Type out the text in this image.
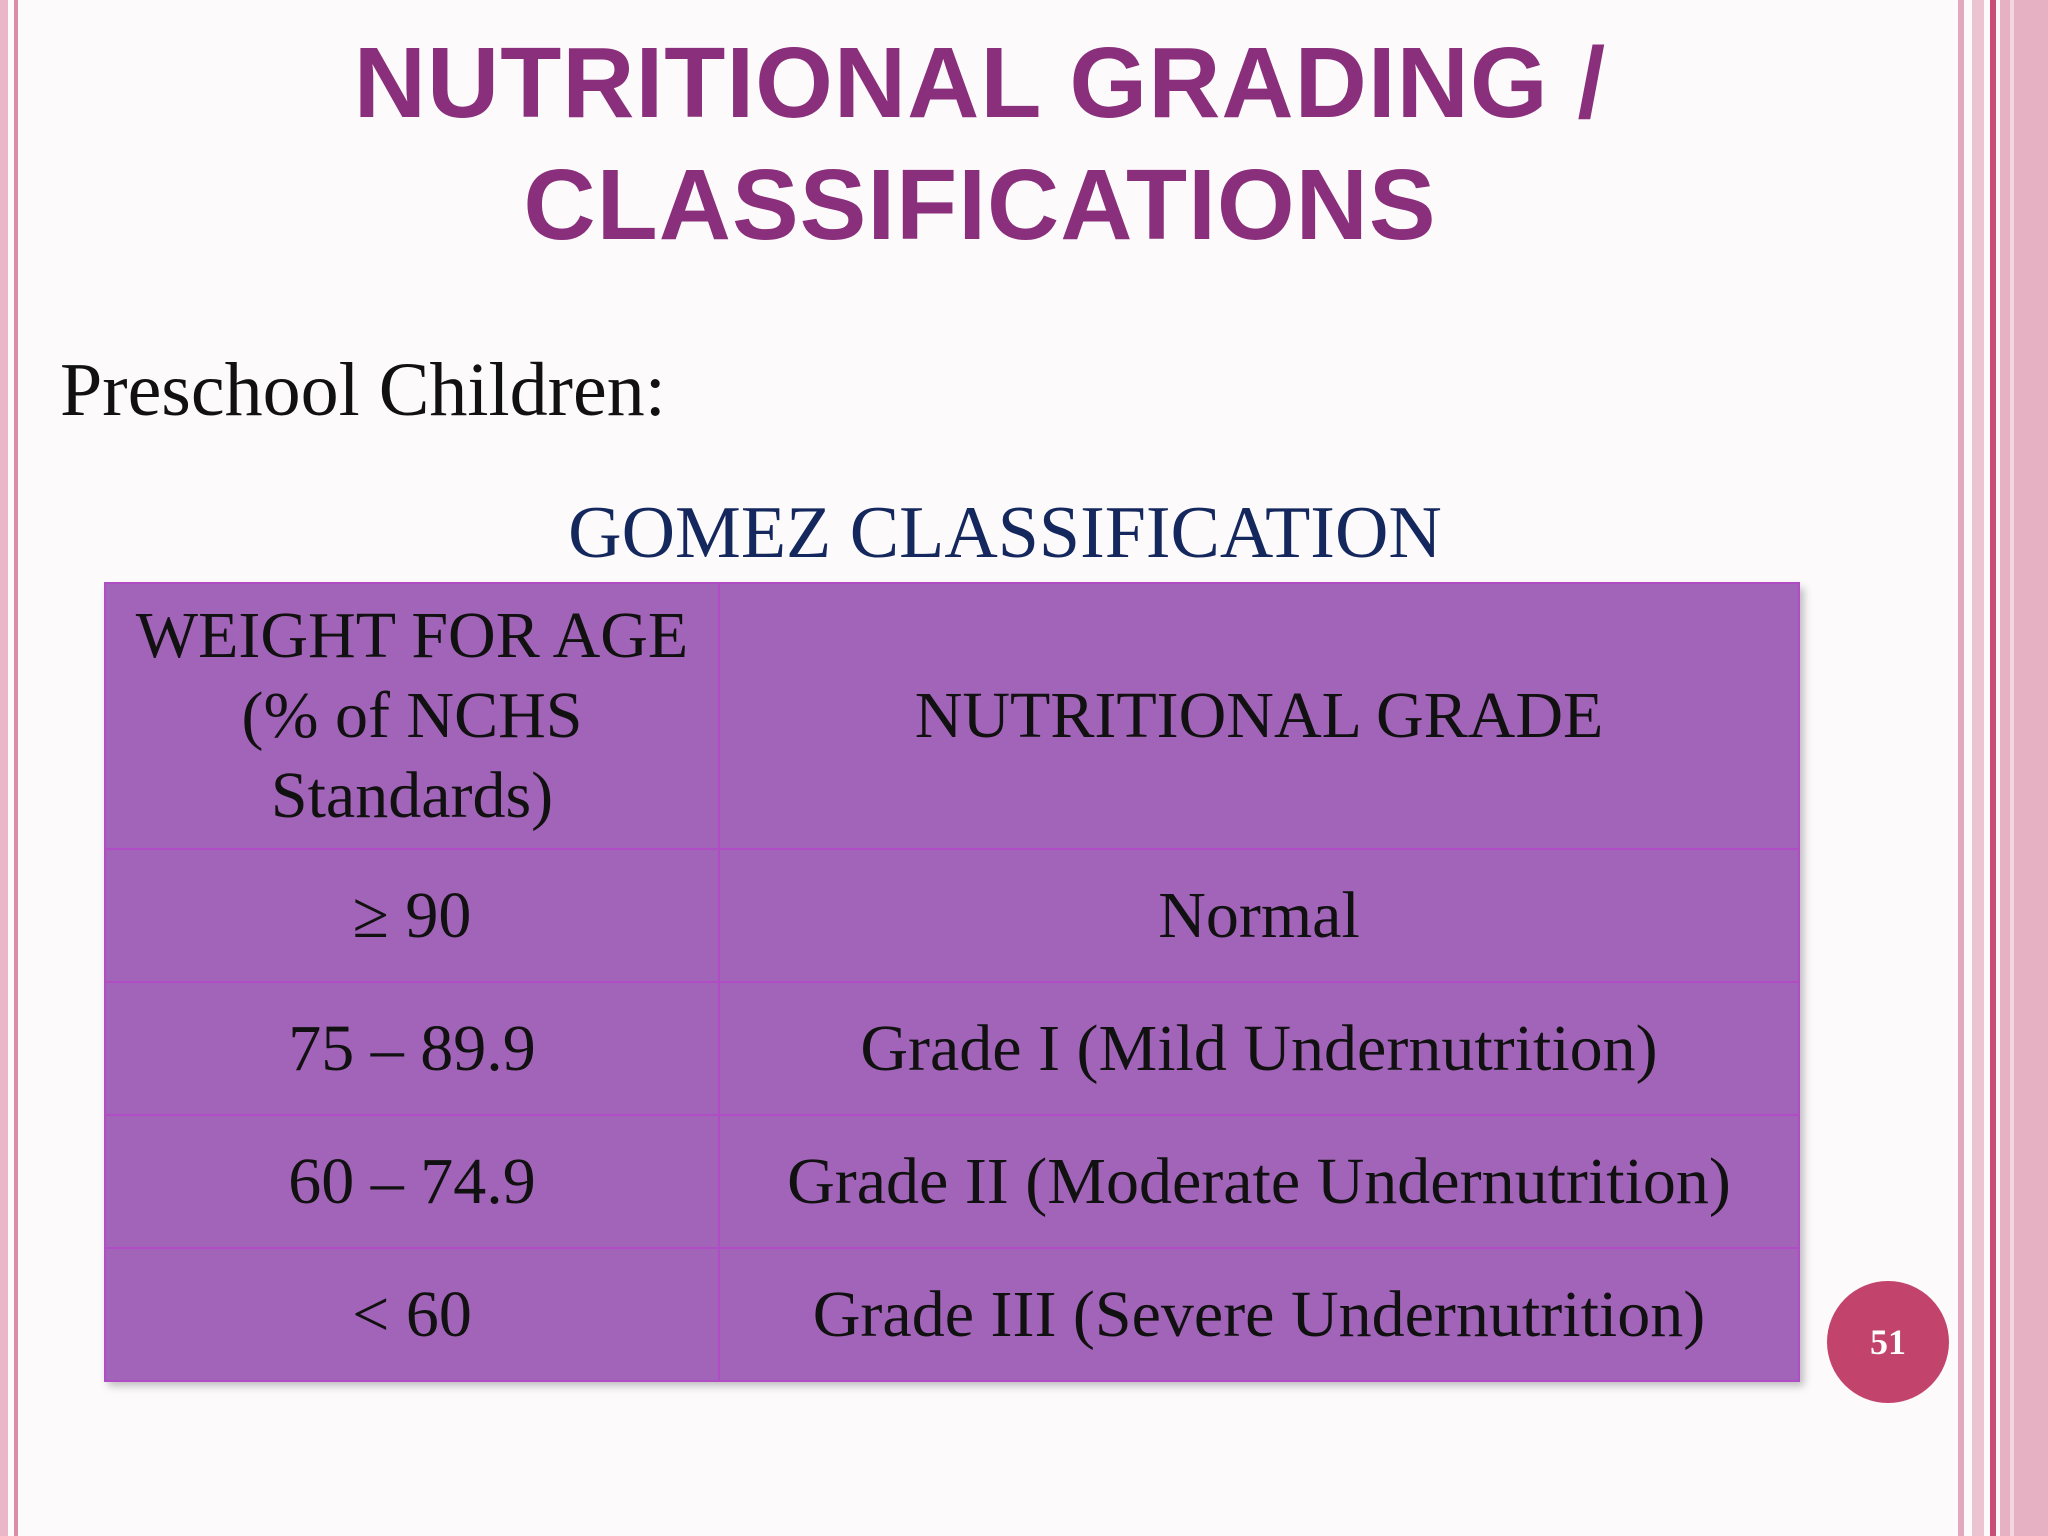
NUTRITIONAL GRADING /
CLASSIFICATIONS
Preschool Children:
GOMEZ CLASSIFICATION
WEIGHT FOR AGE
(% of NCHS
Standards)	NUTRITIONAL GRADE
≥ 90	Normal
75 – 89.9	Grade I (Mild Undernutrition)
60 – 74.9	Grade II (Moderate Undernutrition)
< 60	Grade III (Severe Undernutrition)	51
